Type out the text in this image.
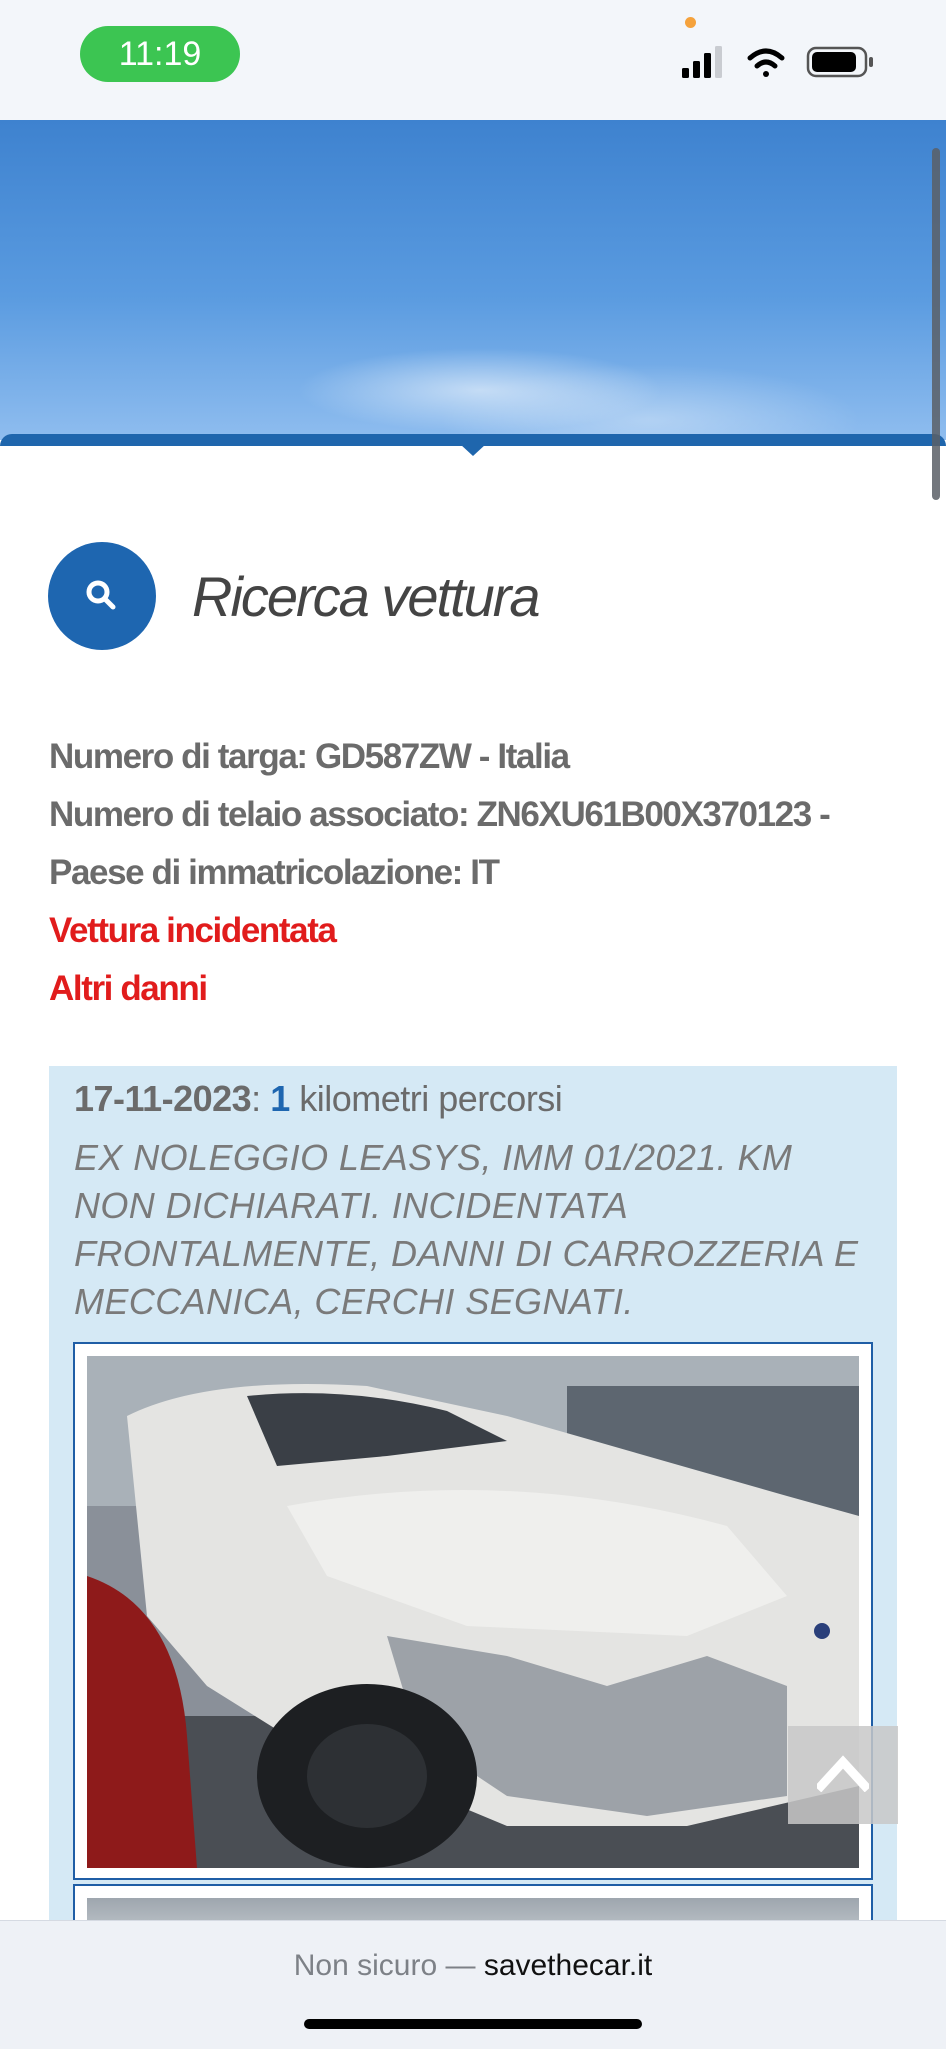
11:19
Ricerca vettura
Numero di targa: GD587ZW - Italia
Numero di telaio associato: ZN6XU61B00X370123 -
Paese di immatricolazione: IT
Vettura incidentata
Altri danni
17-11-2023: 1 kilometri percorsi
EX NOLEGGIO LEASYS, IMM 01/2021. KM NON DICHIARATI. INCIDENTATA FRONTALMENTE, DANNI DI CARROZZERIA E MECCANICA, CERCHI SEGNATI.
Non sicuro — savethecar.it
